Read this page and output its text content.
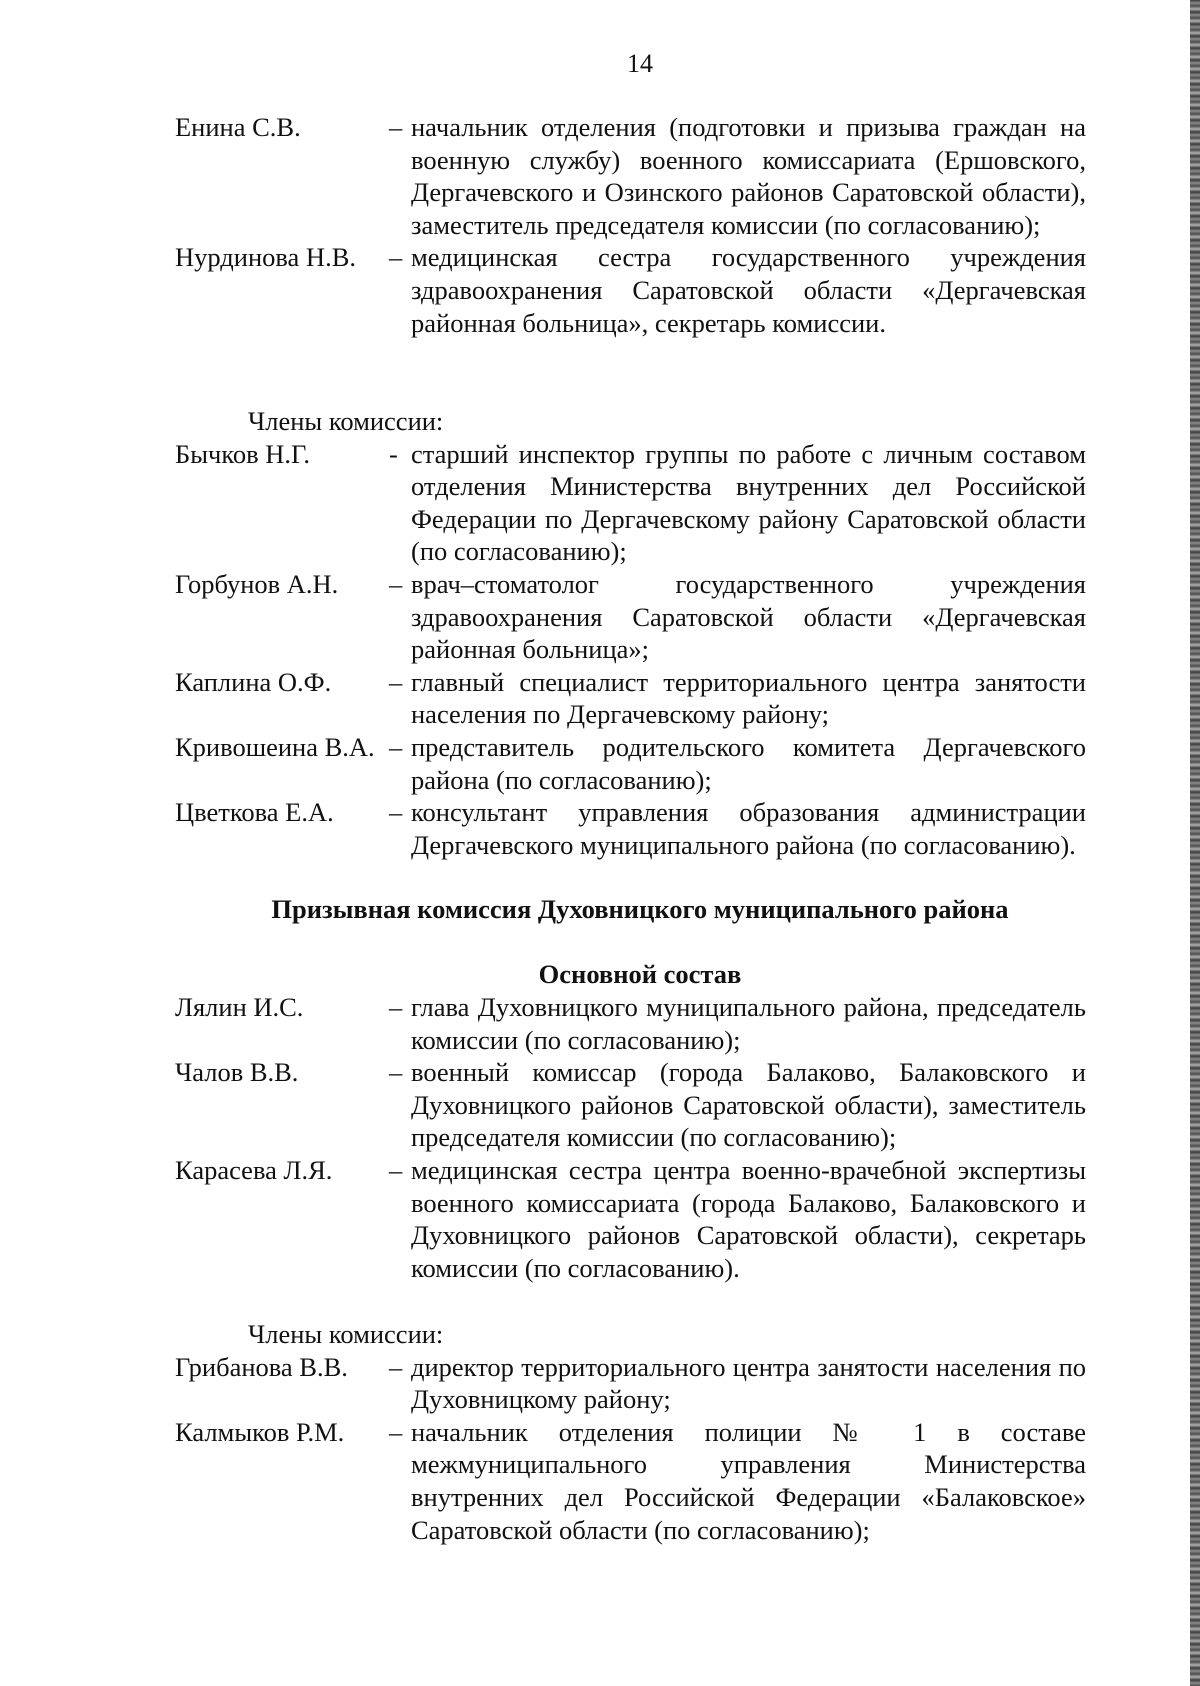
14
Енина С.В.	– начальник отделения (подготовки и призыва граждан на военную службу) военного комиссариата (Ершовского, Дергачевского и Озинского районов Саратовской области), заместитель председателя комиссии (по согласованию);
Нурдинова Н.В.	– медицинская сестра государственного учреждения здравоохранения Саратовской области «Дергачевская районная больница», секретарь комиссии.
Члены комиссии:
Бычков Н.Г.	- старший инспектор группы по работе с личным составом отделения Министерства внутренних дел Российской Федерации по Дергачевскому району Саратовской области (по согласованию);
Горбунов А.Н.	– врач–стоматолог государственного учреждения здравоохранения Саратовской области «Дергачевская районная больница»;
Каплина О.Ф.	– главный специалист территориального центра занятости населения по Дергачевскому району;
Кривошеина В.А. – представитель родительского комитета Дергачевского района (по согласованию);
Цветкова Е.А.	– консультант управления образования администрации Дергачевского муниципального района (по согласованию).
Призывная комиссия Духовницкого муниципального района
Основной состав
Лялин И.С.	– глава Духовницкого муниципального района, председатель комиссии (по согласованию);
Чалов В.В.	– военный комиссар (города Балаково, Балаковского и Духовницкого районов Саратовской области), заместитель председателя комиссии (по согласованию);
Карасева Л.Я.	– медицинская сестра центра военно-врачебной экспертизы военного комиссариата (города Балаково, Балаковского и Духовницкого районов Саратовской области), секретарь комиссии (по согласованию).
Члены комиссии:
Грибанова В.В.	– директор территориального центра занятости населения по Духовницкому району;
Калмыков Р.М.	– начальник отделения полиции № 1 в составе межмуниципального управления Министерства внутренних дел Российской Федерации «Балаковское» Саратовской области (по согласованию);
